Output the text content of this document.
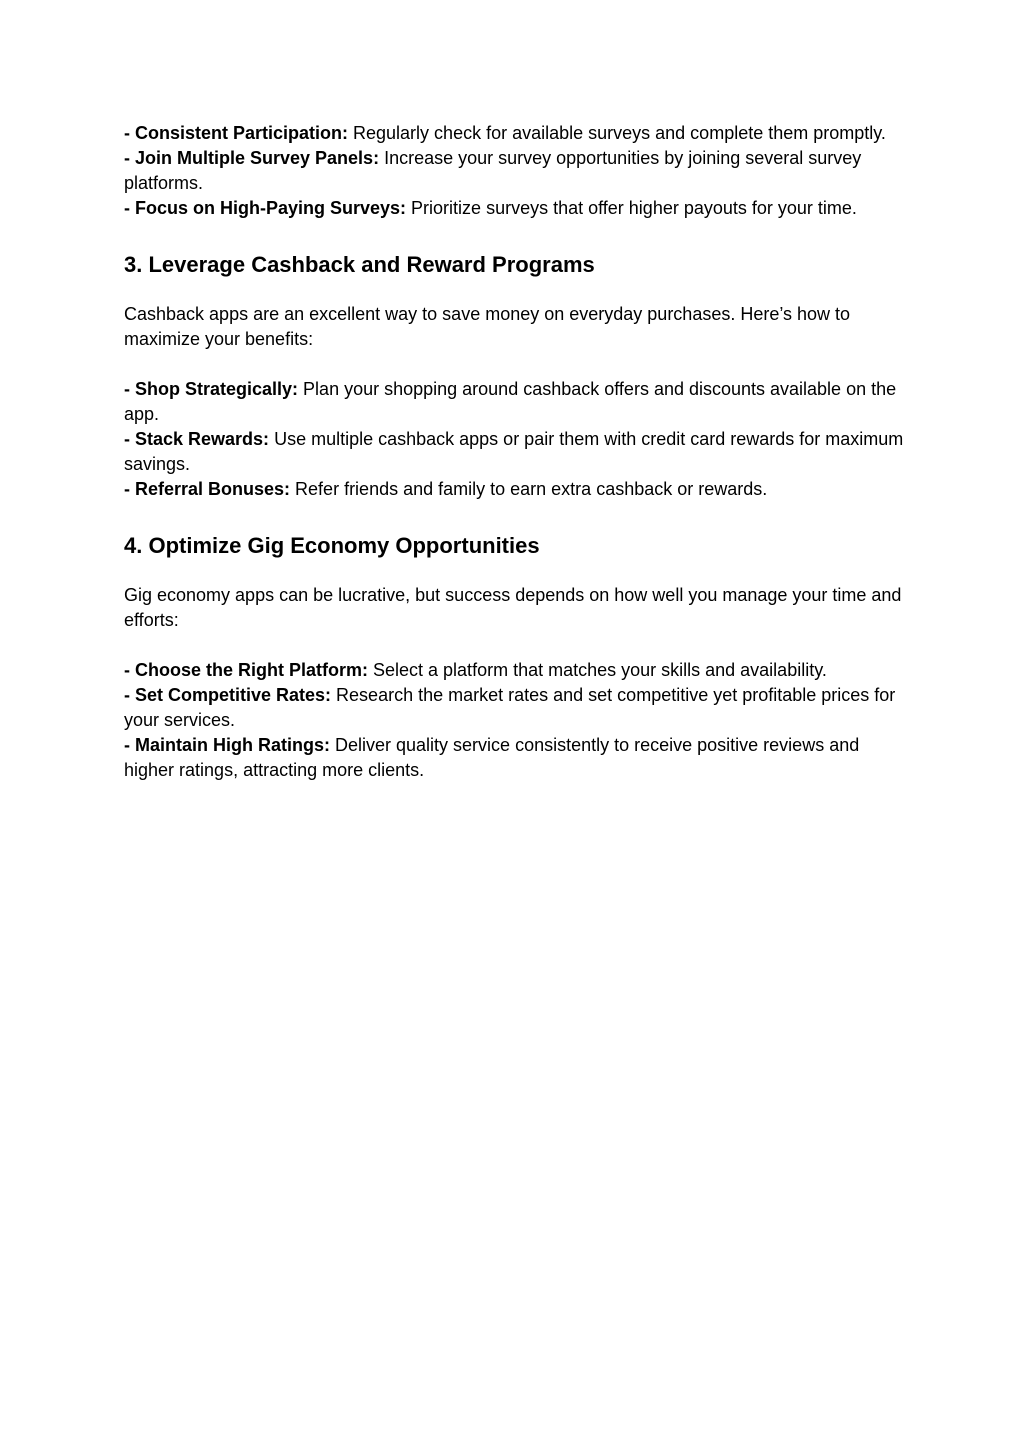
- Consistent Participation: Regularly check for available surveys and complete them promptly.

- Join Multiple Survey Panels: Increase your survey opportunities by joining several survey platforms.

- Focus on High-Paying Surveys: Prioritize surveys that offer higher payouts for your time.

3. Leverage Cashback and Reward Programs

Cashback apps are an excellent way to save money on everyday purchases. Here’s how to maximize your benefits:

- Shop Strategically: Plan your shopping around cashback offers and discounts available on the app.

- Stack Rewards: Use multiple cashback apps or pair them with credit card rewards for maximum savings.

- Referral Bonuses: Refer friends and family to earn extra cashback or rewards.

4. Optimize Gig Economy Opportunities

Gig economy apps can be lucrative, but success depends on how well you manage your time and efforts:

- Choose the Right Platform: Select a platform that matches your skills and availability.

- Set Competitive Rates: Research the market rates and set competitive yet profitable prices for your services.

- Maintain High Ratings: Deliver quality service consistently to receive positive reviews and higher ratings, attracting more clients.
